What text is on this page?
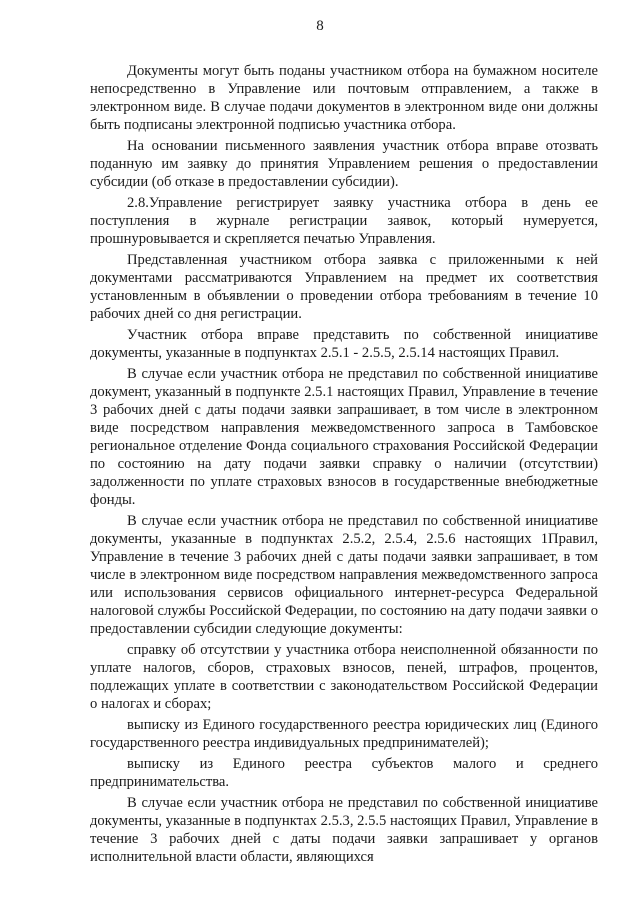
8

Документы могут быть поданы участником отбора на бумажном носителе непосредственно в Управление или почтовым отправлением, а также в электронном виде. В случае подачи документов в электронном виде они должны быть подписаны электронной подписью участника отбора.

На основании письменного заявления участник отбора вправе отозвать поданную им заявку до принятия Управлением решения о предоставлении субсидии (об отказе в предоставлении субсидии).

2.8.Управление регистрирует заявку участника отбора в день ее поступления в журнале регистрации заявок, который нумеруется, прошнуровывается и скрепляется печатью Управления.

Представленная участником отбора заявка с приложенными к ней документами рассматриваются Управлением на предмет их соответствия установленным в объявлении о проведении отбора требованиям в течение 10 рабочих дней со дня регистрации.

Участник отбора вправе представить по собственной инициативе документы, указанные в подпунктах 2.5.1 - 2.5.5, 2.5.14 настоящих Правил.

В случае если участник отбора не представил по собственной инициативе документ, указанный в подпункте 2.5.1 настоящих Правил, Управление в течение 3 рабочих дней с даты подачи заявки запрашивает, в том числе в электронном виде посредством направления межведомственного запроса в Тамбовское региональное отделение Фонда социального страхования Российской Федерации по состоянию на дату подачи заявки справку о наличии (отсутствии) задолженности по уплате страховых взносов в государственные внебюджетные фонды.

В случае если участник отбора не представил по собственной инициативе документы, указанные в подпунктах 2.5.2, 2.5.4, 2.5.6 настоящих 1Правил, Управление в течение 3 рабочих дней с даты подачи заявки запрашивает, в том числе в электронном виде посредством направления межведомственного запроса или использования сервисов официального интернет-ресурса Федеральной налоговой службы Российской Федерации, по состоянию на дату подачи заявки о предоставлении субсидии следующие документы:

справку об отсутствии у участника отбора неисполненной обязанности по уплате налогов, сборов, страховых взносов, пеней, штрафов, процентов, подлежащих уплате в соответствии с законодательством Российской Федерации о налогах и сборах;

выписку из Единого государственного реестра юридических лиц (Единого государственного реестра индивидуальных предпринимателей);

выписку из Единого реестра субъектов малого и среднего предпринимательства.

В случае если участник отбора не представил по собственной инициативе документы, указанные в подпунктах 2.5.3, 2.5.5 настоящих Правил, Управление в течение 3 рабочих дней с даты подачи заявки запрашивает у органов исполнительной власти области, являющихся
